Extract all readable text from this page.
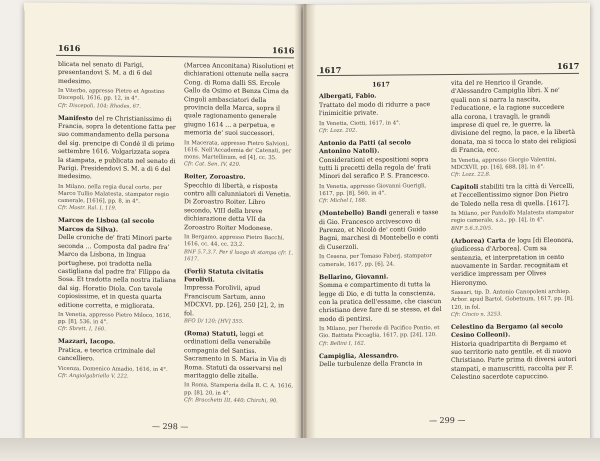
1616	1616
blicata nel senato di Parigi, presentandovi S. M. a di 6 del medesimo.
In Viterbo, appresso Pietro et Agostino Discepoli, 1616, pp. 12, in 4°.
Cfr. Discepoli, 104; Rhodes, 67.
Manifesto del re Christianissimo di Francia, sopra la detentione fatta per suo commandamento della persona del sig. prencipe di Condé il di primo settembre 1616. Volgarizzata sopra la stampata, e publicata nel senato di Parigi. Presidendovi S. M. a di 6 del medesimo.
In Milano, nella regia ducal corte, per Marco Tullio Malatesta, stampator regio camerale, [1616], pp. 8, in 4°.
Cfr. Mostr. Ral. I, 119.
Marcos de Lisboa (al secolo Marcos da Silva).
Delle croniche de' frati Minori parte seconda ... Composta dal padre fra' Marco da Lisbona, in lingua portughese, poi tradotta nella castigliana dal padre fra' Filippo da Sosa. Et tradotta nella nostra italiana dal sig. Horatio Diola. Con tavole copiosissime, et in questa quarta editione corretta, e migliorata.
In Venetia, appresso Pietro Miloco, 1616, pp. [8], 536, in 4°.
Cfr. Sbrett. I, 160.
Mazzari, Iacopo.
Pratica, e teorica criminale del cancelliero.
Vicenza, Domenico Amadio, 1616, in 4°.
Cfr. Angiolgabriello V, 222.
(Marcea Anconitana) Risolutioni et dichiarationi ottenute nella sacra Cong. di Roma dalli SS. Ercole Gallo da Osimo et Benza Cima da Cingoli ambasciatori della provincia della Marca, sopra il quale ragionamento generale giugno 1614 ... a perpetua, e memoria de' suoi successori.
In Macerata, appresso Pietro Salvioni, 1616. Nell'Accademia de' Catenati, per mons. Martellinum, ed [4], cc. 35.
Cfr. Cat. Sen. IV, 420.
Roiter, Zoroastro.
Specchio di libertà, e risposta contro alli calunniatori di Venetia. Di Zoroastro Roiter. Libro secondo, VIII della breve dichiarazione detta VII da Zoroastro Roiter Modonese.
In Bergamo, appresso Pietro Bacchi, 1616, cc. 44, cc. 23,2.
BNF 5.7.3.7. Per il luogo di stampa cfr. 1, 1617.
(Forlì) Statuta civitatis Forolivii.
Impressa Forolivii, apud Franciscum Sartum, anno MDCXVI, pp. [26], 250 [2], 2, in fol.
BFO D/ 120; [HV] 355.
(Roma) Statuti, leggi et ordinationi della venerabile compagnia del Santiss. Sacramento in S. Maria in Via di Roma. Statuti da osservarsi nel maritaggio delle zitelle.
In Roma, Stamperia della R. C. A. 1616, pp. [8], 20, in 4°.
Cfr. Bracchetti III, 440; Chirchi, 90.
— 298 —
1617	1617
1617
Albergati, Fabio.
Trattato del modo di ridurre a pace l'inimicitie private.
In Venetia, Ciotti, 1617, in 4°.
Cfr. Lozz. 202.
Antonio da Patti (al secolo Antonino Natoli).
Considerationi et espositioni sopra tutti li precetti della regola de' frati Minori del serafico P. S. Francesco.
In Venetia, appresso Giovanni Guerigli, 1617, pp. [8], 560, in 4°.
Cfr. Michel I, 168.
(Montebello) Bandi generali e tasse di Gio. Francesco arcivescovo di Parenzo, et Nicolò de' conti Guido Bagni, marchesi di Montebello e conti di Cuserzoli.
In Cesena, per Tomaso Faberj, stampator camerale, 1617, pp. [6], 24.
Bellarino, Giovanni.
Somma e compartimento di tutta la legge di Dio, e di tutta la conscienza, con la pratica dell'essame, che ciascun christiano deve fare di se stesso, et del modo di pentirsi.
In Milano, per l'herede di Pacifico Pontio, et Gio. Battista Piccaglia, 1617, pp. [24], 120.
Cfr. Bellini I, 162.
Campiglia, Alessandro.
Delle turbulenze della Francia in
vita del re Henrico il Grande, d'Alessandro Campiglia libri. X ne' quali non si narra la nascita, l'educatione, e la ragione succedere alla corona, i travagli, le grandi imprese di quel re, le guerre, la divisione del regno, la pace, e la libertà donata, ma si tocca lo stato dei religiosi di Francia, ecc.
In Venetia, appresso Giorgio Valentini, MDCXVII, pp. [16], 688, [8], in 4°.
Cfr. Lozz. 22,8.
Capitoli stabiliti tra la città di Vercelli, et l'eccellentissimo signor Don Pietro de Toledo nella resa di quella. [1617].
In Milano, per Pandolfo Malatesta stampator regio camerale, s.a., pp. [4], in 4°.
BNF 5.6.3.20/5.
(Arborea) Carta de logu [di Eleonora, giudicessa d'Arborea]. Cum sa sentenzia, et interpretation in cento nuovamente in Sardar. recognitam et veridice impressam per Olives Hieronymo.
Sassari, tip. D. Antonio Canopoleni archiep. Arbor. apud Bartol. Gobetnum, 1617, pp. [8], 120, in fol.
Cfr. Cincio n. 3253.
Celestino da Bergamo (al secolo Cesino Colleoni).
Historia quadripartita di Bergamo et suo territorio nato gentile, et di nuovo Christiano. Parte prima di diversi autori stampati, e manuscritti, raccolta per F. Celestino sacerdote capuccino.
— 299 —
